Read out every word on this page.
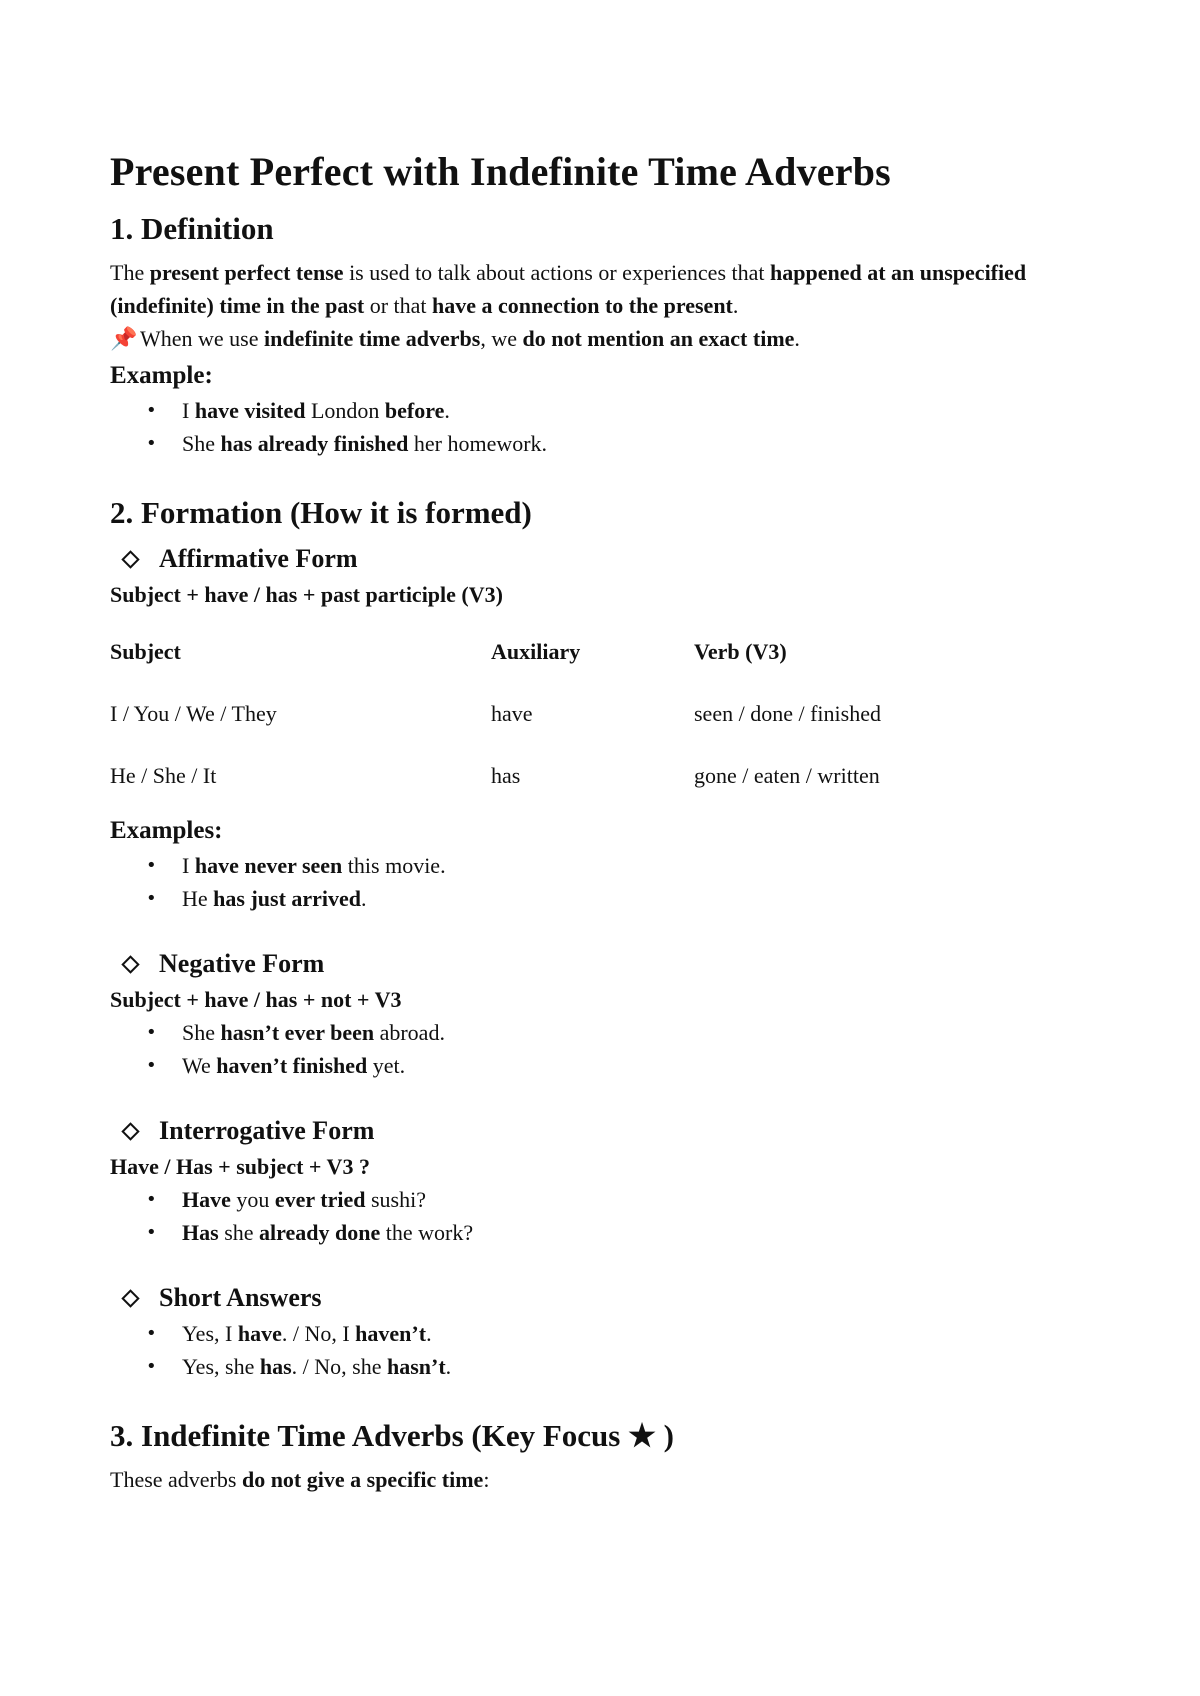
Present Perfect with Indefinite Time Adverbs
1. Definition

The present perfect tense is used to talk about actions or experiences that happened at an unspecified (indefinite) time in the past or that have a connection to the present.

📌 When we use indefinite time adverbs, we do not mention an exact time.

Example:
• I have visited London before.
• She has already finished her homework.
2. Formation (How it is formed)
Affirmative Form
Subject + have / has + past participle (V3)
Subject	Auxiliary	Verb (V3)
I / You / We / They	have	seen / done / finished
He / She / It	has	gone / eaten / written
Examples:
• I have never seen this movie.
• He has just arrived.
Negative Form
Subject + have / has + not + V3
• She hasn’t ever been abroad.
• We haven’t finished yet.
Interrogative Form
Have / Has + subject + V3 ?
• Have you ever tried sushi?
• Has she already done the work?
Short Answers
• Yes, I have. / No, I haven’t.
• Yes, she has. / No, she hasn’t.
3. Indefinite Time Adverbs (Key Focus ★ )

These adverbs do not give a specific time:
